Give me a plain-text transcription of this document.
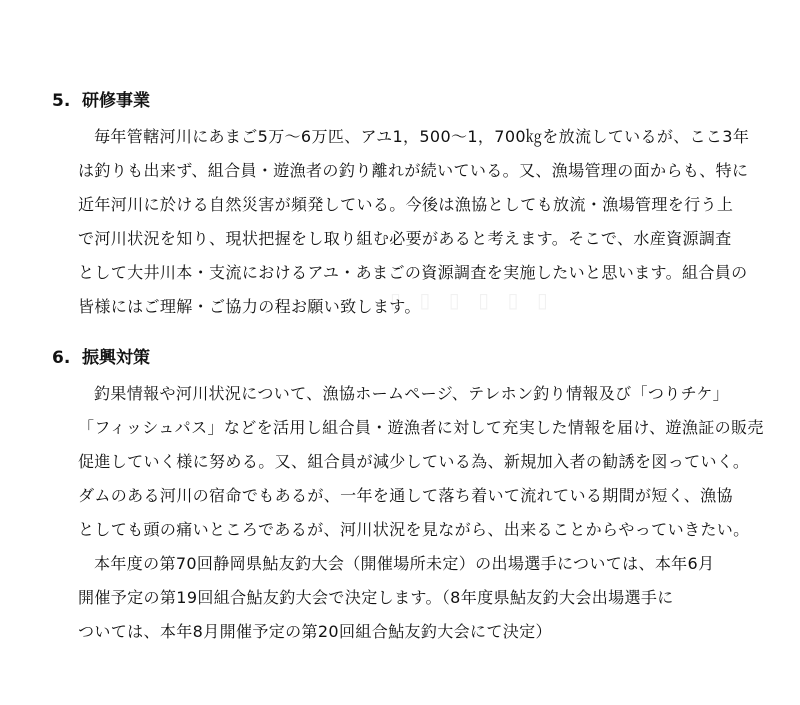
▯ ▯ ▯ ▯ ▯ ▯
5. 研修事業
毎年管轄河川にあまご5万～6万匹、アユ1，500～1，700㎏を放流しているが、ここ3年
は釣りも出来ず、組合員・遊漁者の釣り離れが続いている。又、漁場管理の面からも、特に
近年河川に於ける自然災害が頻発している。今後は漁協としても放流・漁場管理を行う上
で河川状況を知り、現状把握をし取り組む必要があると考えます。そこで、水産資源調査
として大井川本・支流におけるアユ・あまごの資源調査を実施したいと思います。組合員の
皆様にはご理解・ご協力の程お願い致します。
6. 振興対策
釣果情報や河川状況について、漁協ホームページ、テレホン釣り情報及び「つりチケ」
「フィッシュパス」などを活用し組合員・遊漁者に対して充実した情報を届け、遊漁証の販売
促進していく様に努める。又、組合員が減少している為、新規加入者の勧誘を図っていく。
ダムのある河川の宿命でもあるが、一年を通して落ち着いて流れている期間が短く、漁協
としても頭の痛いところであるが、河川状況を見ながら、出来ることからやっていきたい。
本年度の第70回静岡県鮎友釣大会（開催場所未定）の出場選手については、本年6月
開催予定の第19回組合鮎友釣大会で決定します。（8年度県鮎友釣大会出場選手に
ついては、本年8月開催予定の第20回組合鮎友釣大会にて決定）
